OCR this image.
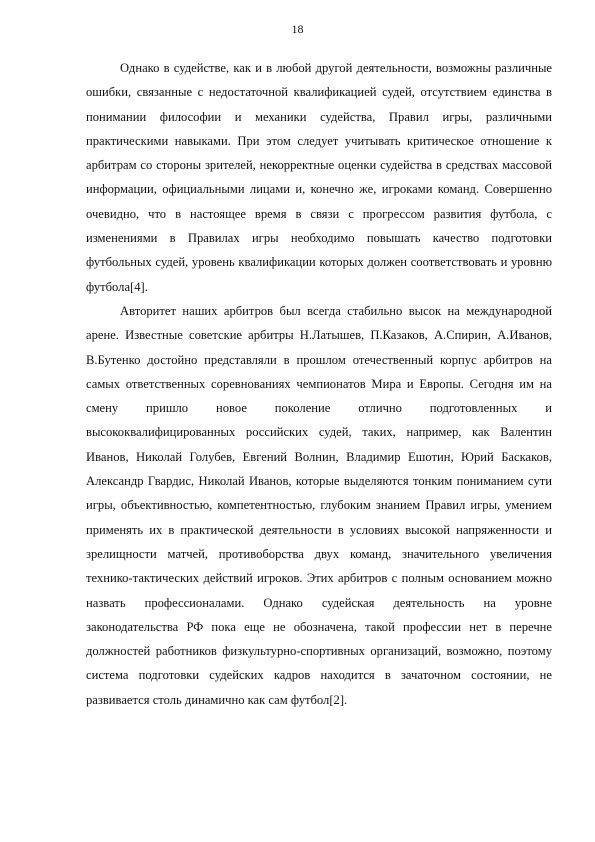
18

Однако в судействе, как и в любой другой деятельности, возможны различные ошибки, связанные с недостаточной квалификацией судей, отсутствием единства в понимании философии и механики судейства, Правил игры, различными практическими навыками. При этом следует учитывать критическое отношение к арбитрам со стороны зрителей, некорректные оценки судейства в средствах массовой информации, официальными лицами и, конечно же, игроками команд. Совершенно очевидно, что в настоящее время в связи с прогрессом развития футбола, с изменениями в Правилах игры необходимо повышать качество подготовки футбольных судей, уровень квалификации которых должен соответствовать и уровню футбола[4].

Авторитет наших арбитров был всегда стабильно высок на международной арене. Известные советские арбитры Н.Латышев, П.Казаков, А.Спирин, А.Иванов, В.Бутенко достойно представляли в прошлом отечественный корпус арбитров на самых ответственных соревнованиях чемпионатов Мира и Европы. Сегодня им на смену пришло новое поколение отлично подготовленных и высококвалифицированных российских судей, таких, например, как Валентин Иванов, Николай Голубев, Евгений Волнин, Владимир Ешотин, Юрий Баскаков, Александр Гвардис, Николай Иванов, которые выделяются тонким пониманием сути игры, объективностью, компетентностью, глубоким знанием Правил игры, умением применять их в практической деятельности в условиях высокой напряженности и зрелищности матчей, противоборства двух команд, значительного увеличения технико-тактических действий игроков. Этих арбитров с полным основанием можно назвать профессионалами. Однако судейская деятельность на уровне законодательства РФ пока еще не обозначена, такой профессии нет в перечне должностей работников физкультурно-спортивных организаций, возможно, поэтому система подготовки судейских кадров находится в зачаточном состоянии, не развивается столь динамично как сам футбол[2].
